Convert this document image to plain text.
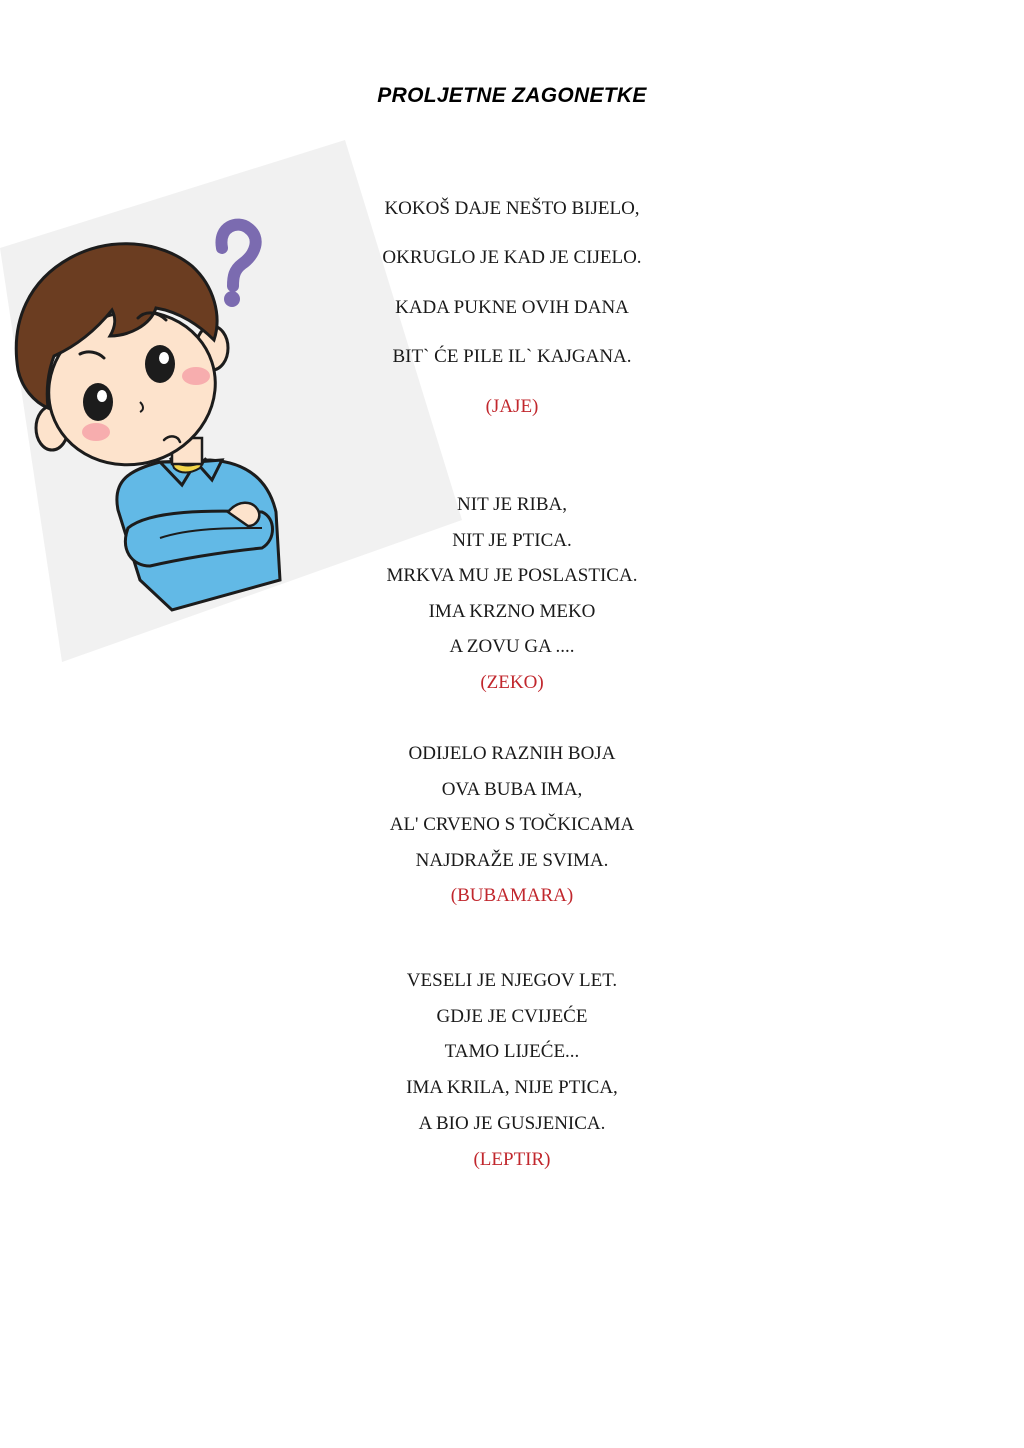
PROLJETNE ZAGONETKE
KOKOŠ DAJE NEŠTO BIJELO,
OKRUGLO JE KAD JE CIJELO.
KADA PUKNE OVIH DANA
BIT` ĆE PILE IL` KAJGANA.
(JAJE)
NIT JE RIBA,
NIT JE PTICA.
MRKVA MU JE POSLASTICA.
IMA KRZNO MEKO
A ZOVU GA ....
(ZEKO)
ODIJELO RAZNIH BOJA
OVA BUBA IMA,
AL' CRVENO S TOČKICAMA
NAJDRAŽE JE SVIMA.
(BUBAMARA)
VESELI JE NJEGOV LET.
GDJE JE CVIJEĆE
TAMO LIJEĆE...
IMA KRILA, NIJE PTICA,
A BIO JE GUSJENICA.
(LEPTIR)
